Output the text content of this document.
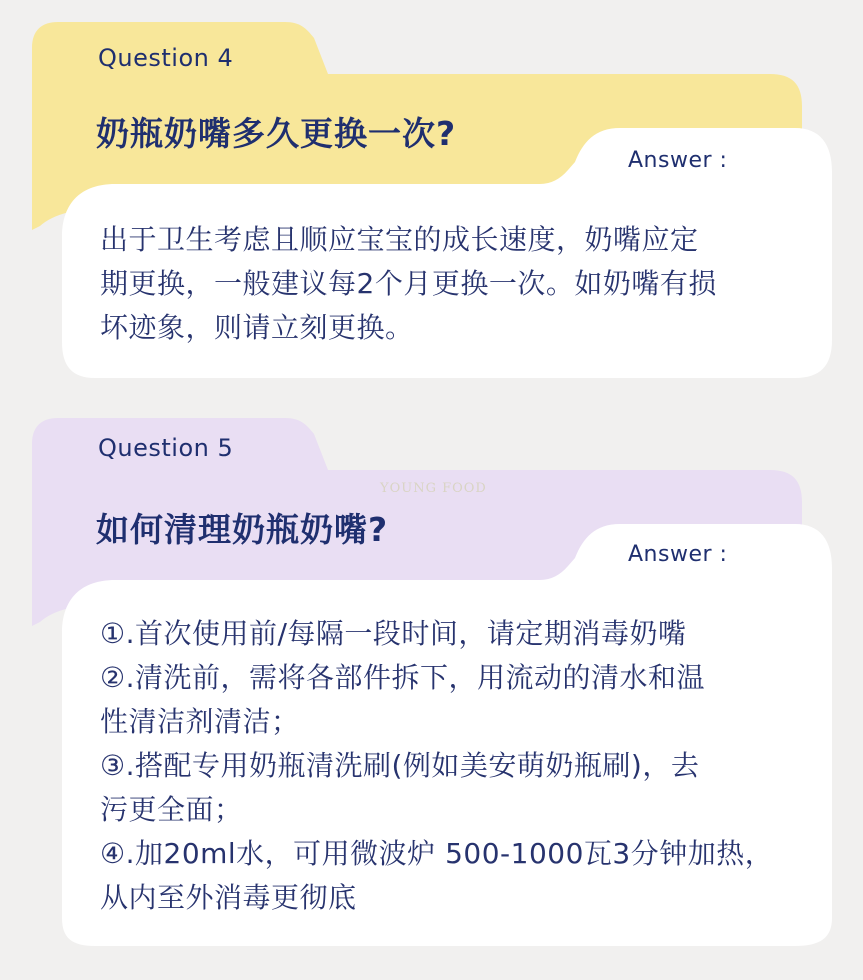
Question 4
奶瓶奶嘴多久更换一次?
Answer :
出于卫生考虑且顺应宝宝的成长速度，奶嘴应定
期更换，一般建议每2个月更换一次。如奶嘴有损
坏迹象，则请立刻更换。
Question 5
如何清理奶瓶奶嘴?
Answer :
①.首次使用前/每隔一段时间，请定期消毒奶嘴
②.清洗前，需将各部件拆下，用流动的清水和温
性清洁剂清洁；
③.搭配专用奶瓶清洗刷(例如美安萌奶瓶刷)，去
污更全面；
④.加20ml水，可用微波炉 500-1000瓦3分钟加热，
从内至外消毒更彻底
YOUNG FOOD
